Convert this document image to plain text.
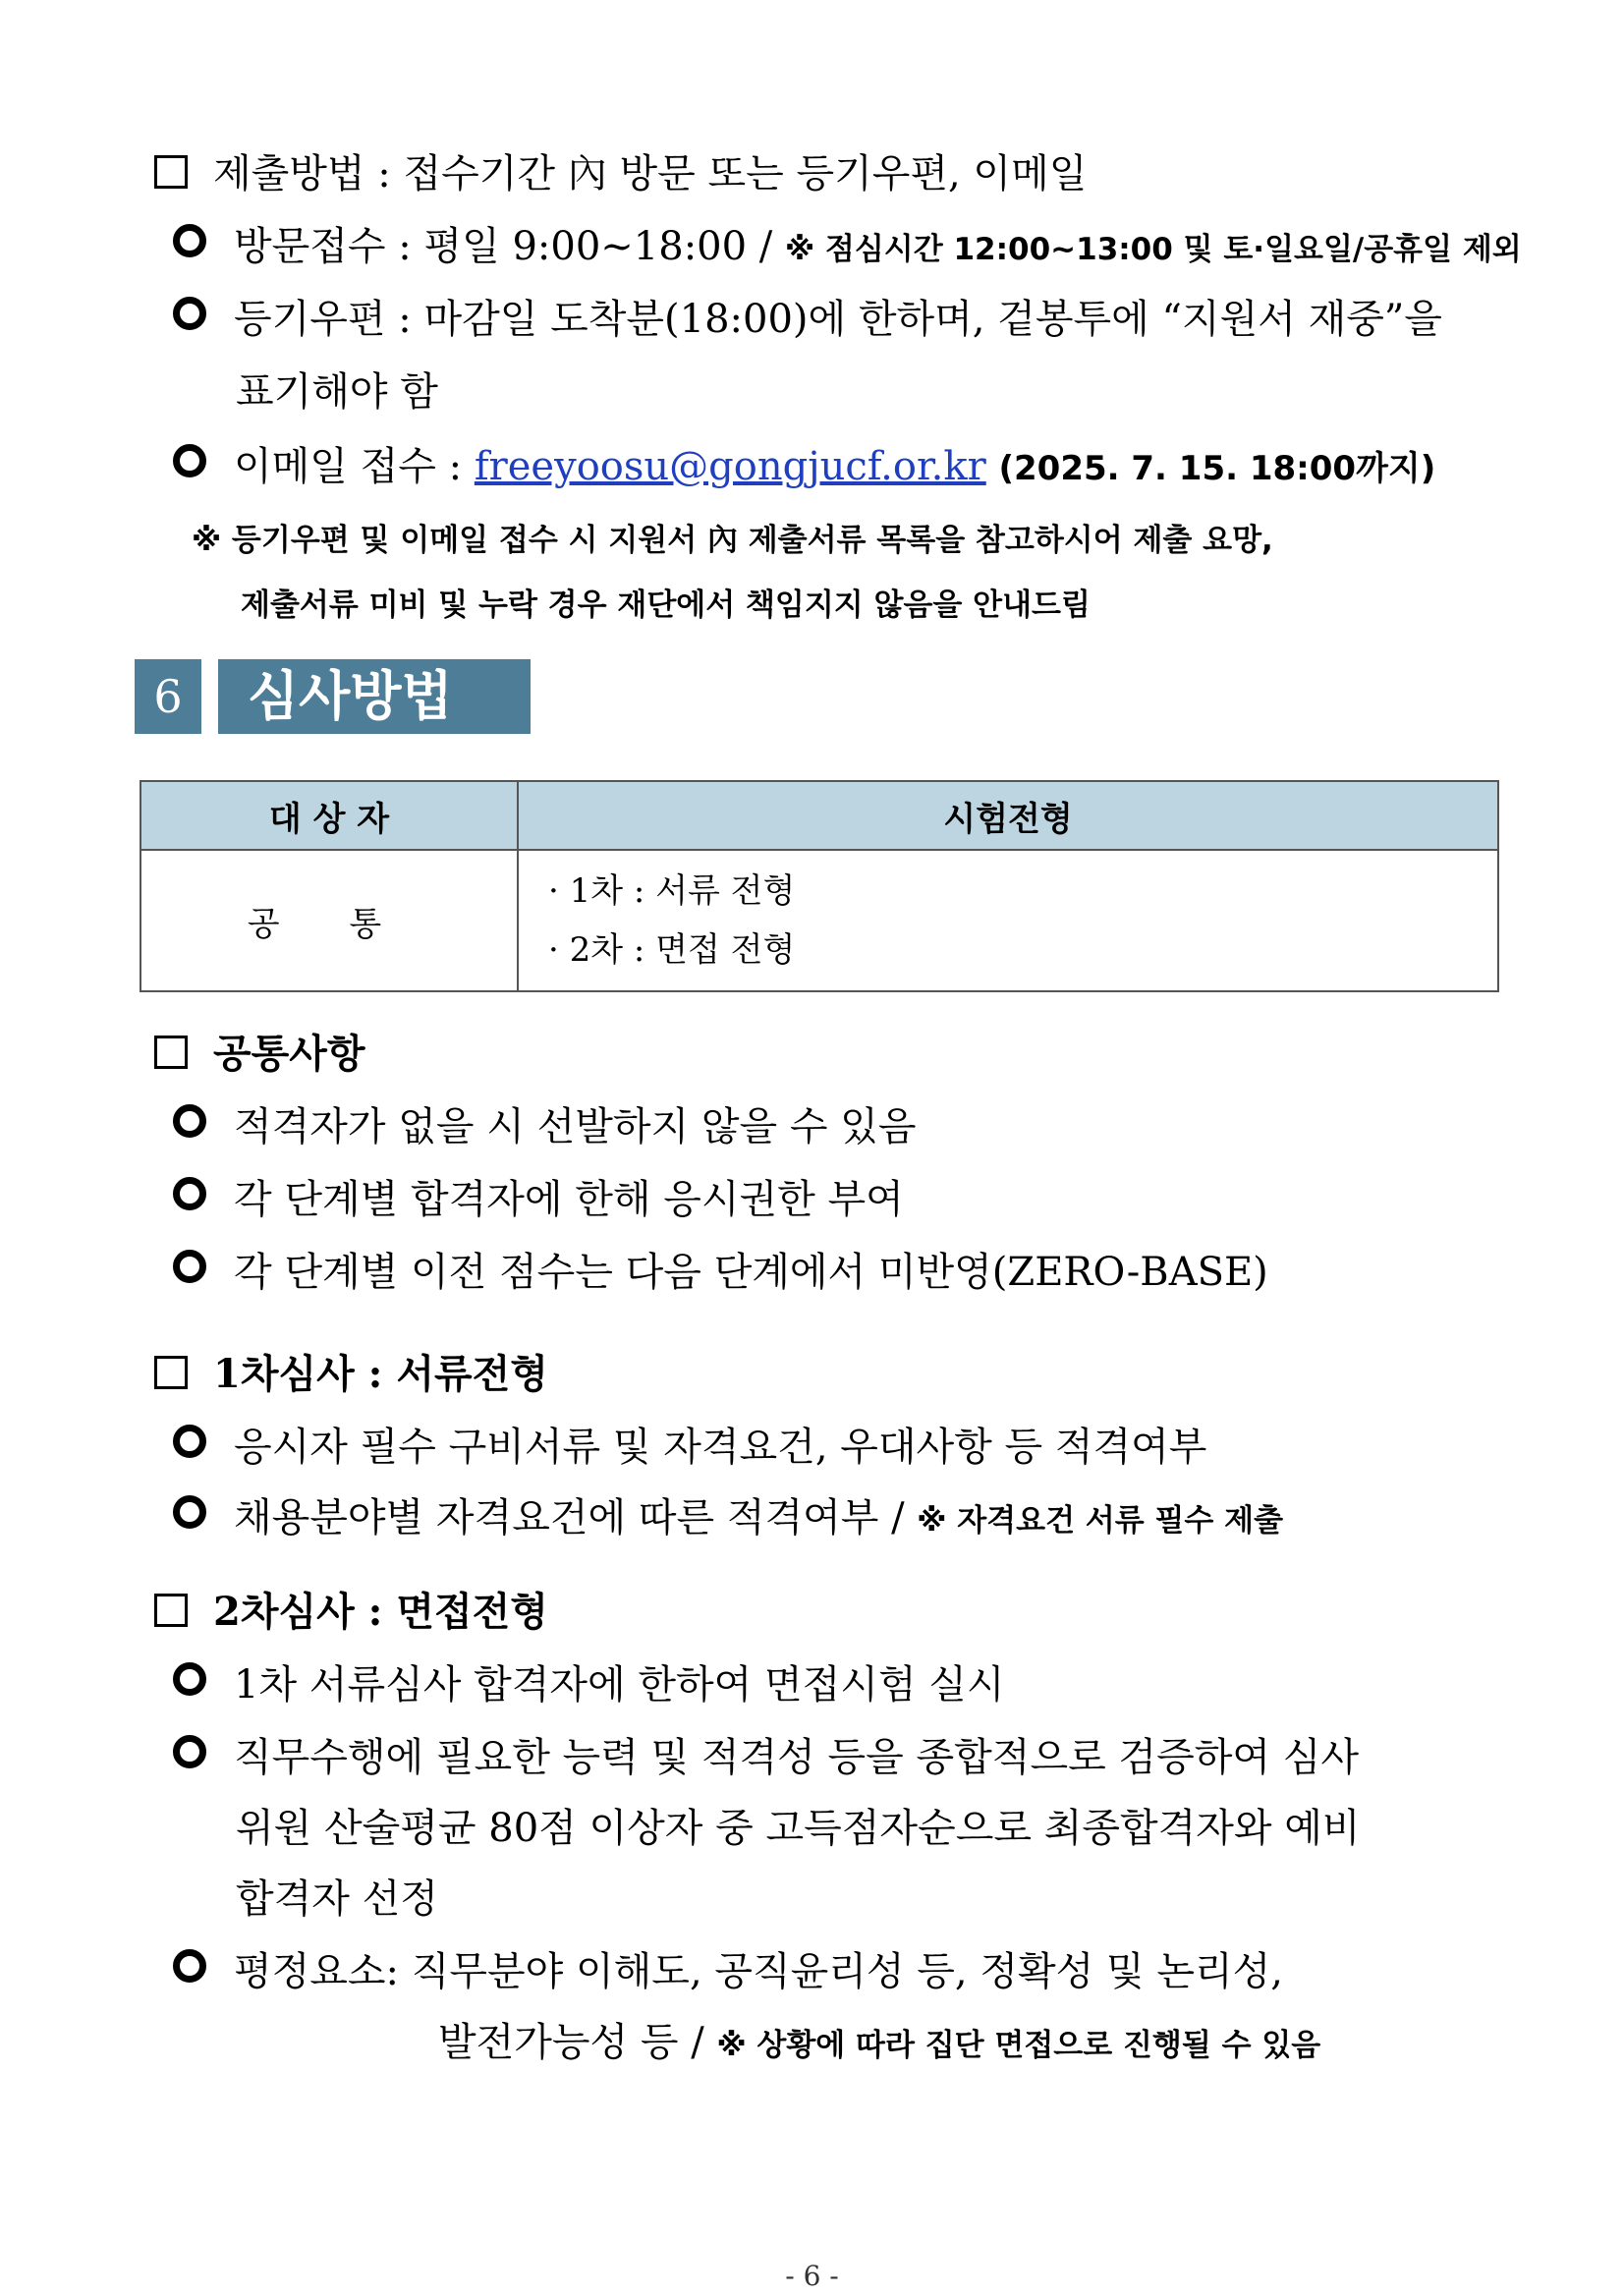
제출방법 : 접수기간 內 방문 또는 등기우편, 이메일
방문접수 : 평일 9:00~18:00 / ※ 점심시간 12:00~13:00 및 토·일요일/공휴일 제외
등기우편 : 마감일 도착분(18:00)에 한하며, 겉봉투에 “지원서 재중”을
표기해야 함
이메일 접수 : freeyoosu@gongjucf.or.kr (2025. 7. 15. 18:00까지)
※ 등기우편 및 이메일 접수 시 지원서 內 제출서류 목록을 참고하시어 제출 요망,
제출서류 미비 및 누락 경우 재단에서 책임지지 않음을 안내드림
6	심사방법
대 상 자	시험전형
공 통	· 1차 : 서류 전형
· 2차 : 면접 전형
공통사항
적격자가 없을 시 선발하지 않을 수 있음
각 단계별 합격자에 한해 응시권한 부여
각 단계별 이전 점수는 다음 단계에서 미반영(ZERO-BASE)
1차심사 : 서류전형
응시자 필수 구비서류 및 자격요건, 우대사항 등 적격여부
채용분야별 자격요건에 따른 적격여부 / ※ 자격요건 서류 필수 제출
2차심사 : 면접전형
1차 서류심사 합격자에 한하여 면접시험 실시
직무수행에 필요한 능력 및 적격성 등을 종합적으로 검증하여 심사
위원 산술평균 80점 이상자 중 고득점자순으로 최종합격자와 예비
합격자 선정
평정요소: 직무분야 이해도, 공직윤리성 등, 정확성 및 논리성,
발전가능성 등 / ※ 상황에 따라 집단 면접으로 진행될 수 있음
- 6 -
